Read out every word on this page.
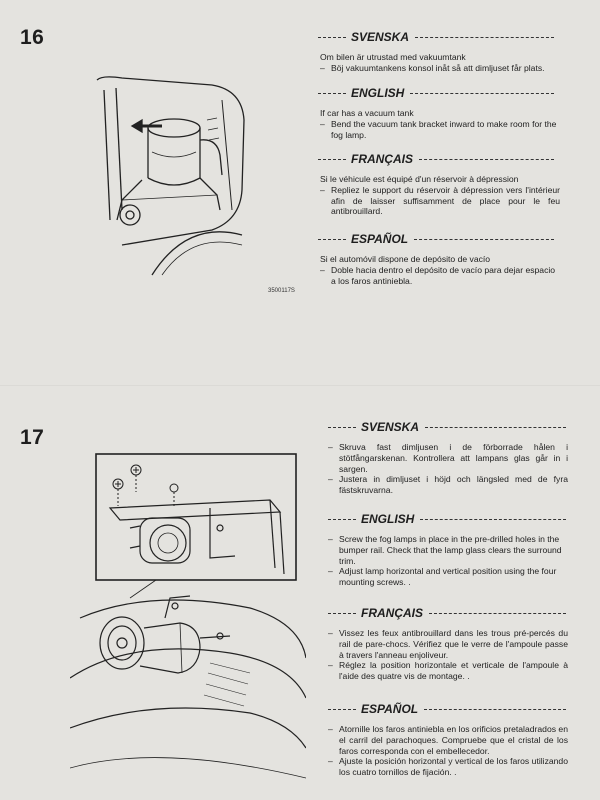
16
3500117S
SVENSKA

Om bilen är utrustad med vakuumtank

– Böj vakuumtankens konsol inåt så att dimljuset får plats.
ENGLISH

If car has a vacuum tank

– Bend the vacuum tank bracket inward to make room for the fog lamp.
FRANÇAIS

Si le véhicule est équipé d'un réservoir à dépression

– Repliez le support du réservoir à dépression vers l'intérieur afin de laisser suffisamment de place pour le feu antibrouillard.
ESPAÑOL

Si el automóvil dispone de depósito de vacío

– Doble hacia dentro el depósito de vacío para dejar espacio a los faros antiniebla.
17	SVENSKA
– Skruva fast dimljusen i de förborrade hålen i stötfångarskenan. Kontrollera att lampans glas går in i sargen.
– Justera in dimljuset i höjd och längsled med de fyra fästskruvarna.
ENGLISH
– Screw the fog lamps in place in the pre-drilled holes in the bumper rail. Check that the lamp glass clears the surround trim.
– Adjust lamp horizontal and vertical position using the four mounting screws. .
FRANÇAIS
– Vissez les feux antibrouillard dans les trous pré-percés du rail de pare-chocs. Vérifiez que le verre de l'ampoule passe à travers l'anneau enjoliveur.
– Réglez la position horizontale et verticale de l'ampoule à l'aide des quatre vis de montage. .
ESPAÑOL
– Atornille los faros antiniebla en los orificios pretaladrados en el carril del parachoques. Compruebe que el cristal de los faros corresponda con el embellecedor.
– Ajuste la posición horizontal y vertical de los faros utilizando los cuatro tornillos de fijación. .
